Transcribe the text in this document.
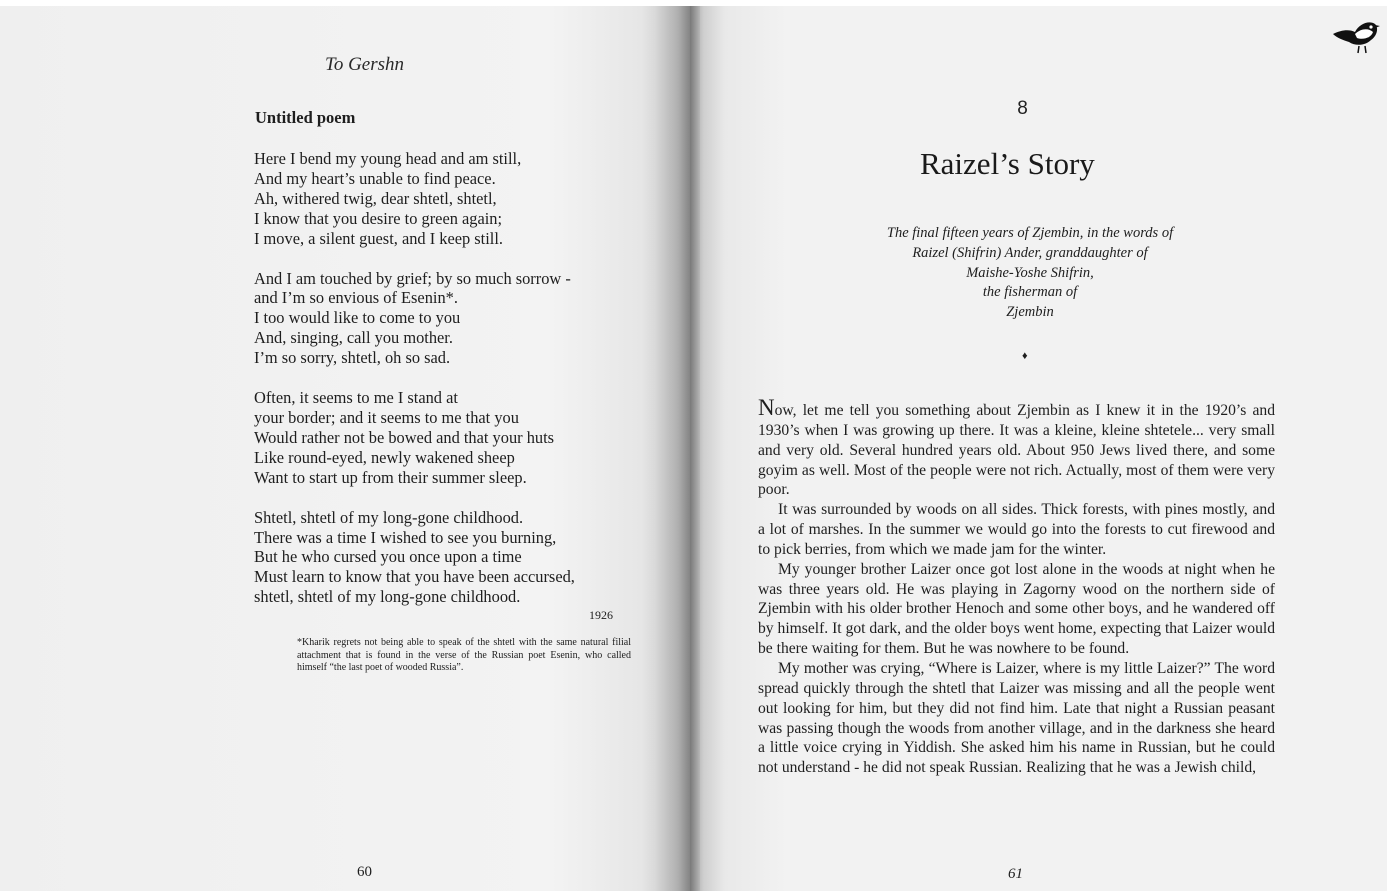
To Gershn
Untitled poem
Here I bend my young head and am still,
And my heart’s unable to find peace.
Ah, withered twig, dear shtetl, shtetl,
I know that you desire to green again;
I move, a silent guest, and I keep still.
And I am touched by grief; by so much sorrow -
and I’m so envious of Esenin*.
I too would like to come to you
And, singing, call you mother.
I’m so sorry, shtetl, oh so sad.
Often, it seems to me I stand at
your border; and it seems to me that you
Would rather not be bowed and that your huts
Like round-eyed, newly wakened sheep
Want to start up from their summer sleep.
Shtetl, shtetl of my long-gone childhood.
There was a time I wished to see you burning,
But he who cursed you once upon a time
Must learn to know that you have been accursed,
shtetl, shtetl of my long-gone childhood.
1926
*Kharik regrets not being able to speak of the shtetl with the same natural filial attachment that is found in the verse of the Russian poet Esenin, who called himself “the last poet of wooded Russia”.
60
8
Raizel’s Story
The final fifteen years of Zjembin, in the words of
Raizel (Shifrin) Ander, granddaughter of
Maishe-Yoshe Shifrin,
the fisherman of
Zjembin
♦

Now, let me tell you something about Zjembin as I knew it in the 1920’s and 1930’s when I was growing up there. It was a kleine, kleine shtetele... very small and very old. Several hundred years old. About 950 Jews lived there, and some goyim as well. Most of the people were not rich. Actually, most of them were very poor.

It was surrounded by woods on all sides. Thick forests, with pines mostly, and a lot of marshes. In the summer we would go into the forests to cut firewood and to pick berries, from which we made jam for the winter.

My younger brother Laizer once got lost alone in the woods at night when he was three years old. He was playing in Zagorny wood on the northern side of Zjembin with his older brother Henoch and some other boys, and he wandered off by himself. It got dark, and the older boys went home, expecting that Laizer would be there waiting for them. But he was nowhere to be found.

My mother was crying, “Where is Laizer, where is my little Laizer?” The word spread quickly through the shtetl that Laizer was missing and all the people went out looking for him, but they did not find him. Late that night a Russian peasant was passing though the woods from another village, and in the darkness she heard a little voice crying in Yiddish. She asked him his name in Russian, but he could not understand - he did not speak Russian. Realizing that he was a Jewish child,

61
